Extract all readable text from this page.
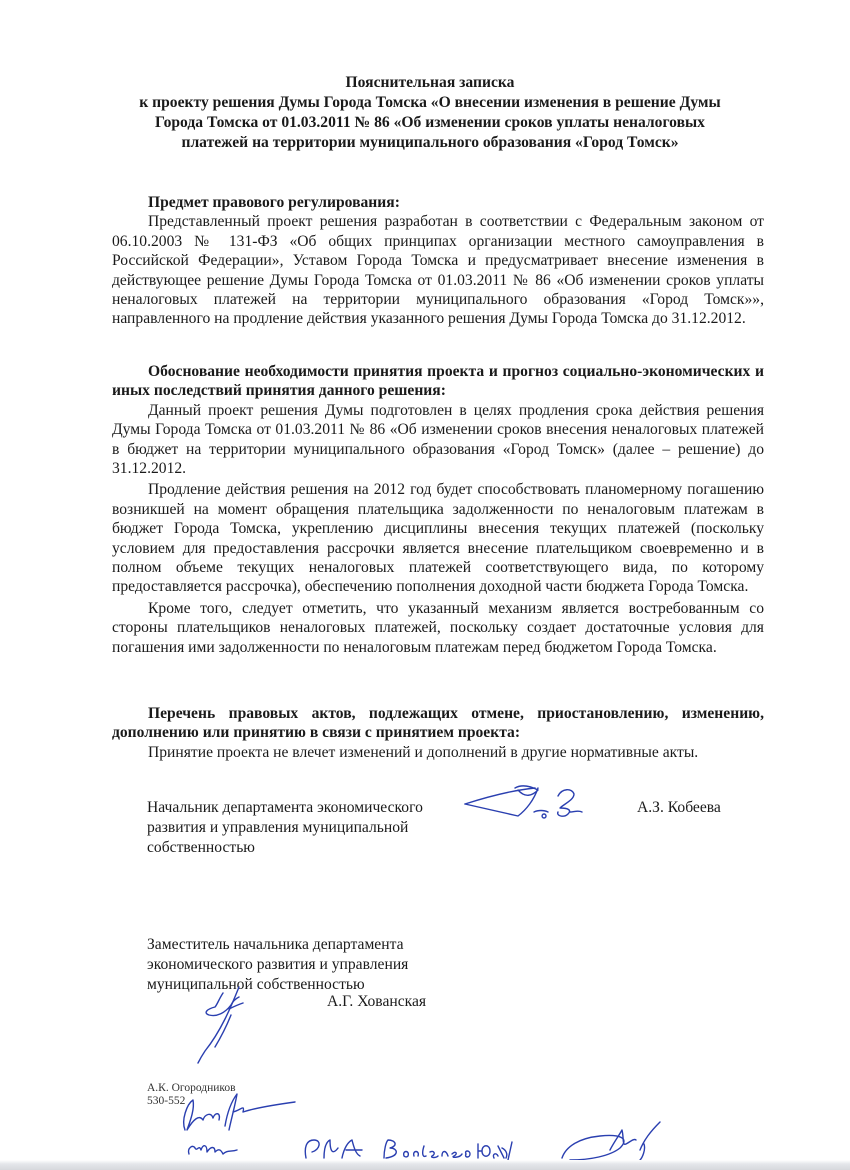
Пояснительная записка
к проекту решения Думы Города Томска «О внесении изменения в решение Думы
Города Томска от 01.03.2011 № 86 «Об изменении сроков уплаты неналоговых
платежей на территории муниципального образования «Город Томск»
Предмет правового регулирования:
Представленный проект решения разработан в соответствии с Федеральным законом от 06.10.2003 № 131-ФЗ «Об общих принципах организации местного самоуправления в Российской Федерации», Уставом Города Томска и предусматривает внесение изменения в действующее решение Думы Города Томска от 01.03.2011 № 86 «Об изменении сроков уплаты неналоговых платежей на территории муниципального образования «Город Томск»», направленного на продление действия указанного решения Думы Города Томска до 31.12.2012.
Обоснование необходимости принятия проекта и прогноз социально-экономических и иных последствий принятия данного решения:
Данный проект решения Думы подготовлен в целях продления срока действия решения Думы Города Томска от 01.03.2011 № 86 «Об изменении сроков внесения неналоговых платежей в бюджет на территории муниципального образования «Город Томск» (далее – решение) до 31.12.2012.
Продление действия решения на 2012 год будет способствовать планомерному погашению возникшей на момент обращения плательщика задолженности по неналоговым платежам в бюджет Города Томска, укреплению дисциплины внесения текущих платежей (поскольку условием для предоставления рассрочки является внесение плательщиком своевременно и в полном объеме текущих неналоговых платежей соответствующего вида, по которому предоставляется рассрочка), обеспечению пополнения доходной части бюджета Города Томска.
Кроме того, следует отметить, что указанный механизм является востребованным со стороны плательщиков неналоговых платежей, поскольку создает достаточные условия для погашения ими задолженности по неналоговым платежам перед бюджетом Города Томска.
Перечень правовых актов, подлежащих отмене, приостановлению, изменению, дополнению или принятию в связи с принятием проекта:
Принятие проекта не влечет изменений и дополнений в другие нормативные акты.
Начальник департамента экономического
развития и управления муниципальной
собственностью
А.З. Кобеева
Заместитель начальника департамента
экономического развития и управления
муниципальной собственностью
А.Г. Хованская
А.К. Огородников
530-552
